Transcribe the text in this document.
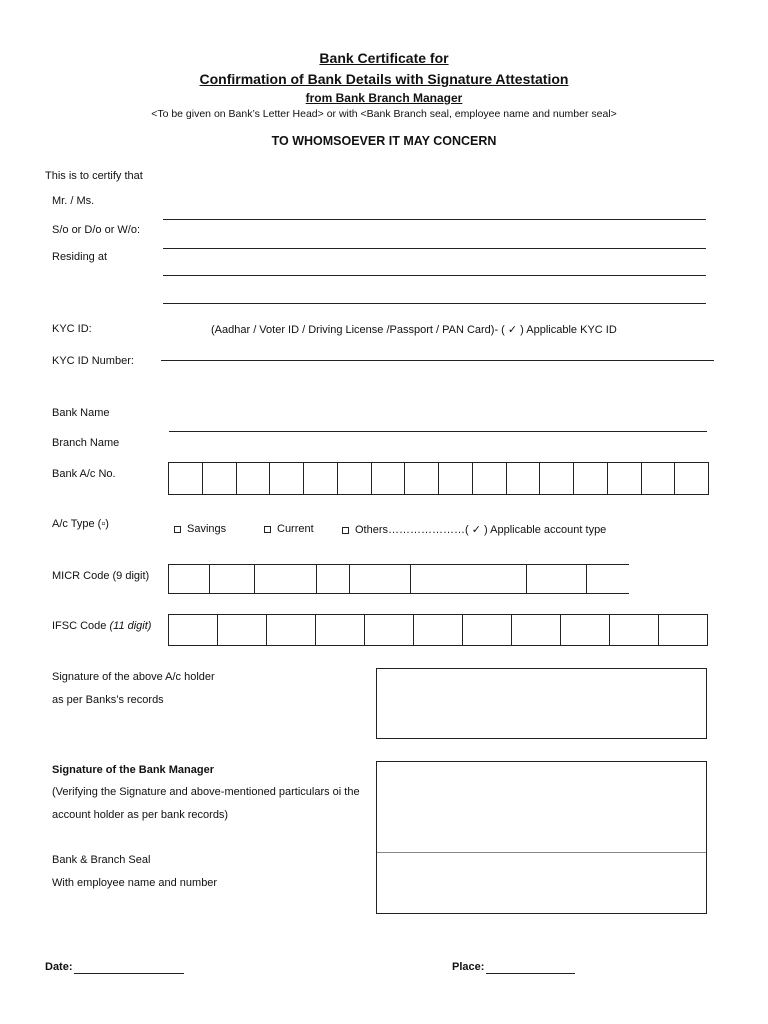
Bank Certificate for
Confirmation of Bank Details with Signature Attestation
from Bank Branch Manager
<To be given on Bank’s Letter Head> or with <Bank Branch seal, employee name and number seal>
TO WHOMSOEVER IT MAY CONCERN
This is to certify that
Mr. / Ms.
S/o or D/o or W/o:
Residing at
KYC ID:	(Aadhar / Voter ID / Driving License /Passport / PAN Card)- ( ✓ ) Applicable KYC ID
KYC ID Number:
Bank Name
Branch Name
Bank A/c No.
A/c Type (▫)	Savings	Current	Others…………………( ✓ ) Applicable account type
MICR Code (9 digit)
IFSC Code (11 digit)
Signature of the above A/c holder
as per Banks’s records
Signature of the Bank Manager
(Verifying the Signature and above-mentioned particulars oi the
account holder as per bank records)
Bank & Branch Seal
With employee name and number
Date:	Place:
